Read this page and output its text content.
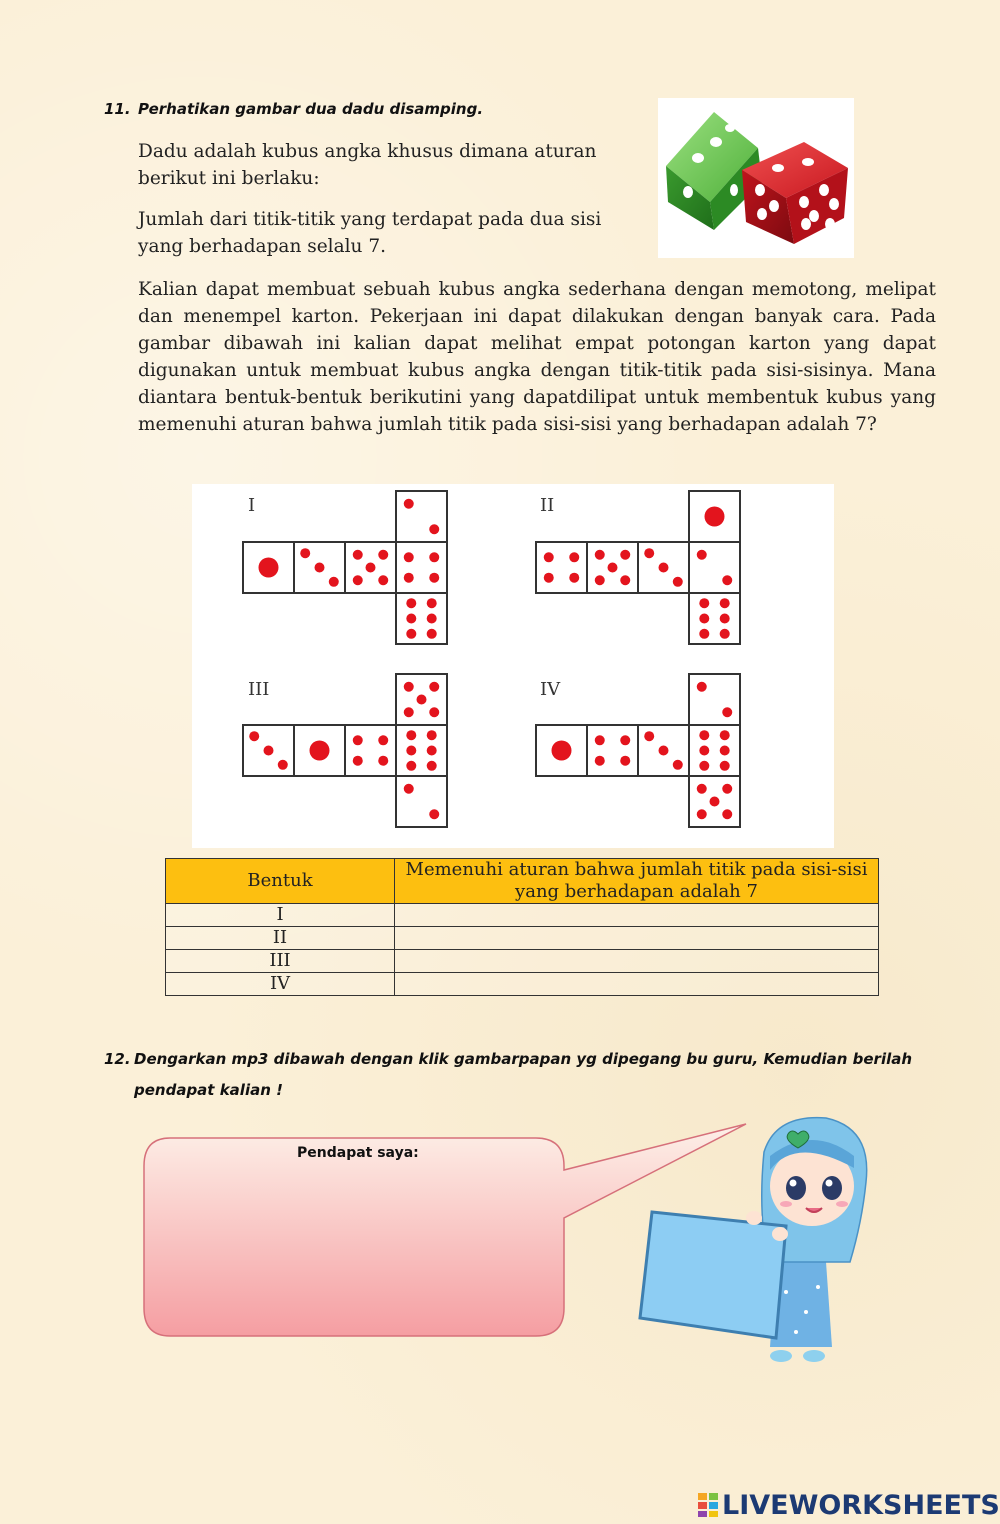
11. Perhatikan gambar dua dadu disamping.
Dadu adalah kubus angka khusus dimana aturan berikut ini berlaku:
Jumlah dari titik-titik yang terdapat pada dua sisi yang berhadapan selalu 7.
Kalian dapat membuat sebuah kubus angka sederhana dengan memotong, melipat dan menempel karton. Pekerjaan ini dapat dilakukan dengan banyak cara. Pada gambar dibawah ini kalian dapat melihat empat potongan karton yang dapat digunakan untuk membuat kubus angka dengan titik-titik pada sisi-sisinya. Mana diantara bentuk-bentuk berikutini yang dapatdilipat untuk membentuk kubus yang memenuhi aturan bahwa jumlah titik pada sisi-sisi yang berhadapan adalah 7?
I	II
III	IV
Bentuk	Memenuhi aturan bahwa jumlah titik pada sisi-sisi yang berhadapan adalah 7
I	
II	
III	
IV	
12. Dengarkan mp3 dibawah dengan klik gambarpapan yg dipegang bu guru, Kemudian berilah
pendapat kalian !
Pendapat saya:
LIVEWORKSHEETS
